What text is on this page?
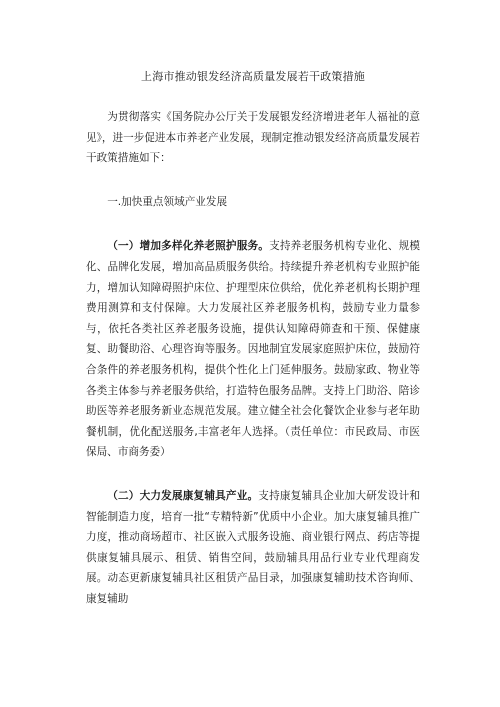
上海市推动银发经济高质量发展若干政策措施

为贯彻落实《国务院办公厅关于发展银发经济增进老年人福祉的意见》，进一步促进本市养老产业发展，现制定推动银发经济高质量发展若干政策措施如下：

一.加快重点领域产业发展

（一）增加多样化养老照护服务。支持养老服务机构专业化、规模化、品牌化发展，增加高品质服务供给。持续提升养老机构专业照护能力，增加认知障碍照护床位、护理型床位供给，优化养老机构长期护理费用测算和支付保障。大力发展社区养老服务机构，鼓励专业力量参与，依托各类社区养老服务设施，提供认知障碍筛查和干预、保健康复、助餐助浴、心理咨询等服务。因地制宜发展家庭照护床位，鼓励符合条件的养老服务机构，提供个性化上门延伸服务。鼓励家政、物业等各类主体参与养老服务供给，打造特色服务品牌。支持上门助浴、陪诊助医等养老服务新业态规范发展。建立健全社会化餐饮企业参与老年助餐机制，优化配送服务,丰富老年人选择。（责任单位：市民政局、市医保局、市商务委）

（二）大力发展康复辅具产业。支持康复辅具企业加大研发设计和智能制造力度，培育一批“专精特新”优质中小企业。加大康复辅具推广力度，推动商场超市、社区嵌入式服务设施、商业银行网点、药店等提供康复辅具展示、租赁、销售空间，鼓励辅具用品行业专业代理商发展。动态更新康复辅具社区租赁产品目录，加强康复辅助技术咨询师、康复辅助
